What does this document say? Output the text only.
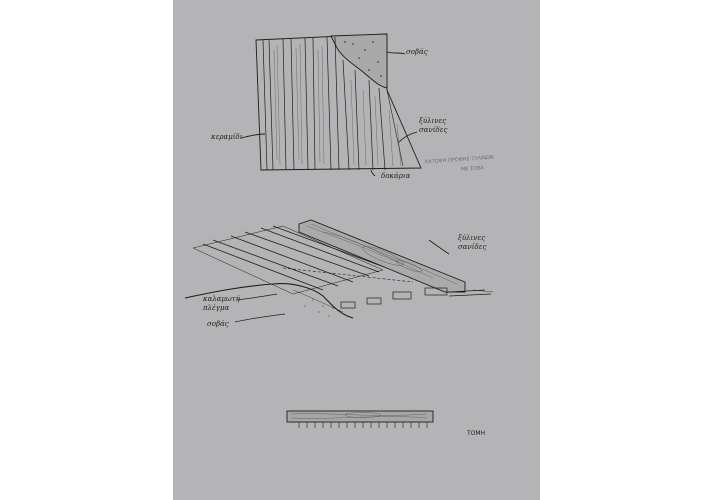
σοβάς
κεραμίδι
ξύλινες
σανίδες
δοκάρια
ΚΑΤΟΨΗ ΟΡΟΦΗΣ ΞΥΛΙΝΩΝ
ΜΕ ΣΟΒΑ
ξύλινες
σανίδες
καλαμωτή
πλέγμα
σοβάς
ΤΟΜΗ
